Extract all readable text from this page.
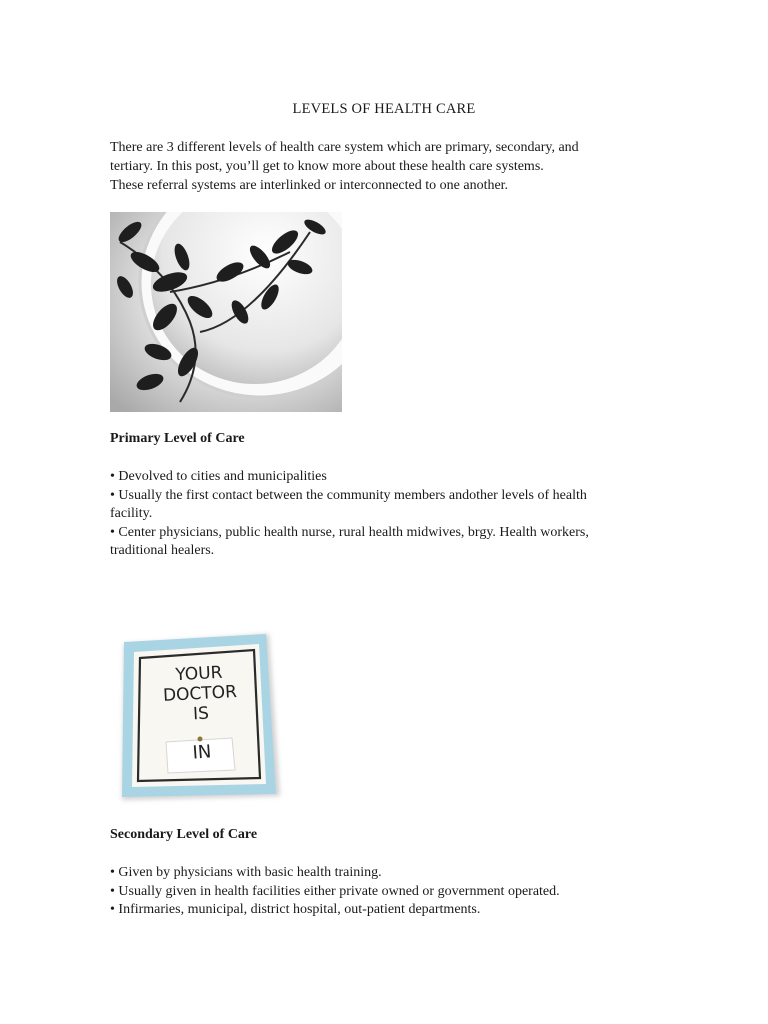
LEVELS OF HEALTH CARE
There are 3 different levels of health care system which are primary, secondary, and
tertiary. In this post, you’ll get to know more about these health care systems.
These referral systems are interlinked or interconnected to one another.
Primary Level of Care
• Devolved to cities and municipalities
• Usually the first contact between the community members andother levels of health
facility.
• Center physicians, public health nurse, rural health midwives, brgy. Health workers,
traditional healers.
YOUR
DOCTOR
IS
IN
Secondary Level of Care
• Given by physicians with basic health training.
• Usually given in health facilities either private owned or government operated.
• Infirmaries, municipal, district hospital, out-patient departments.
